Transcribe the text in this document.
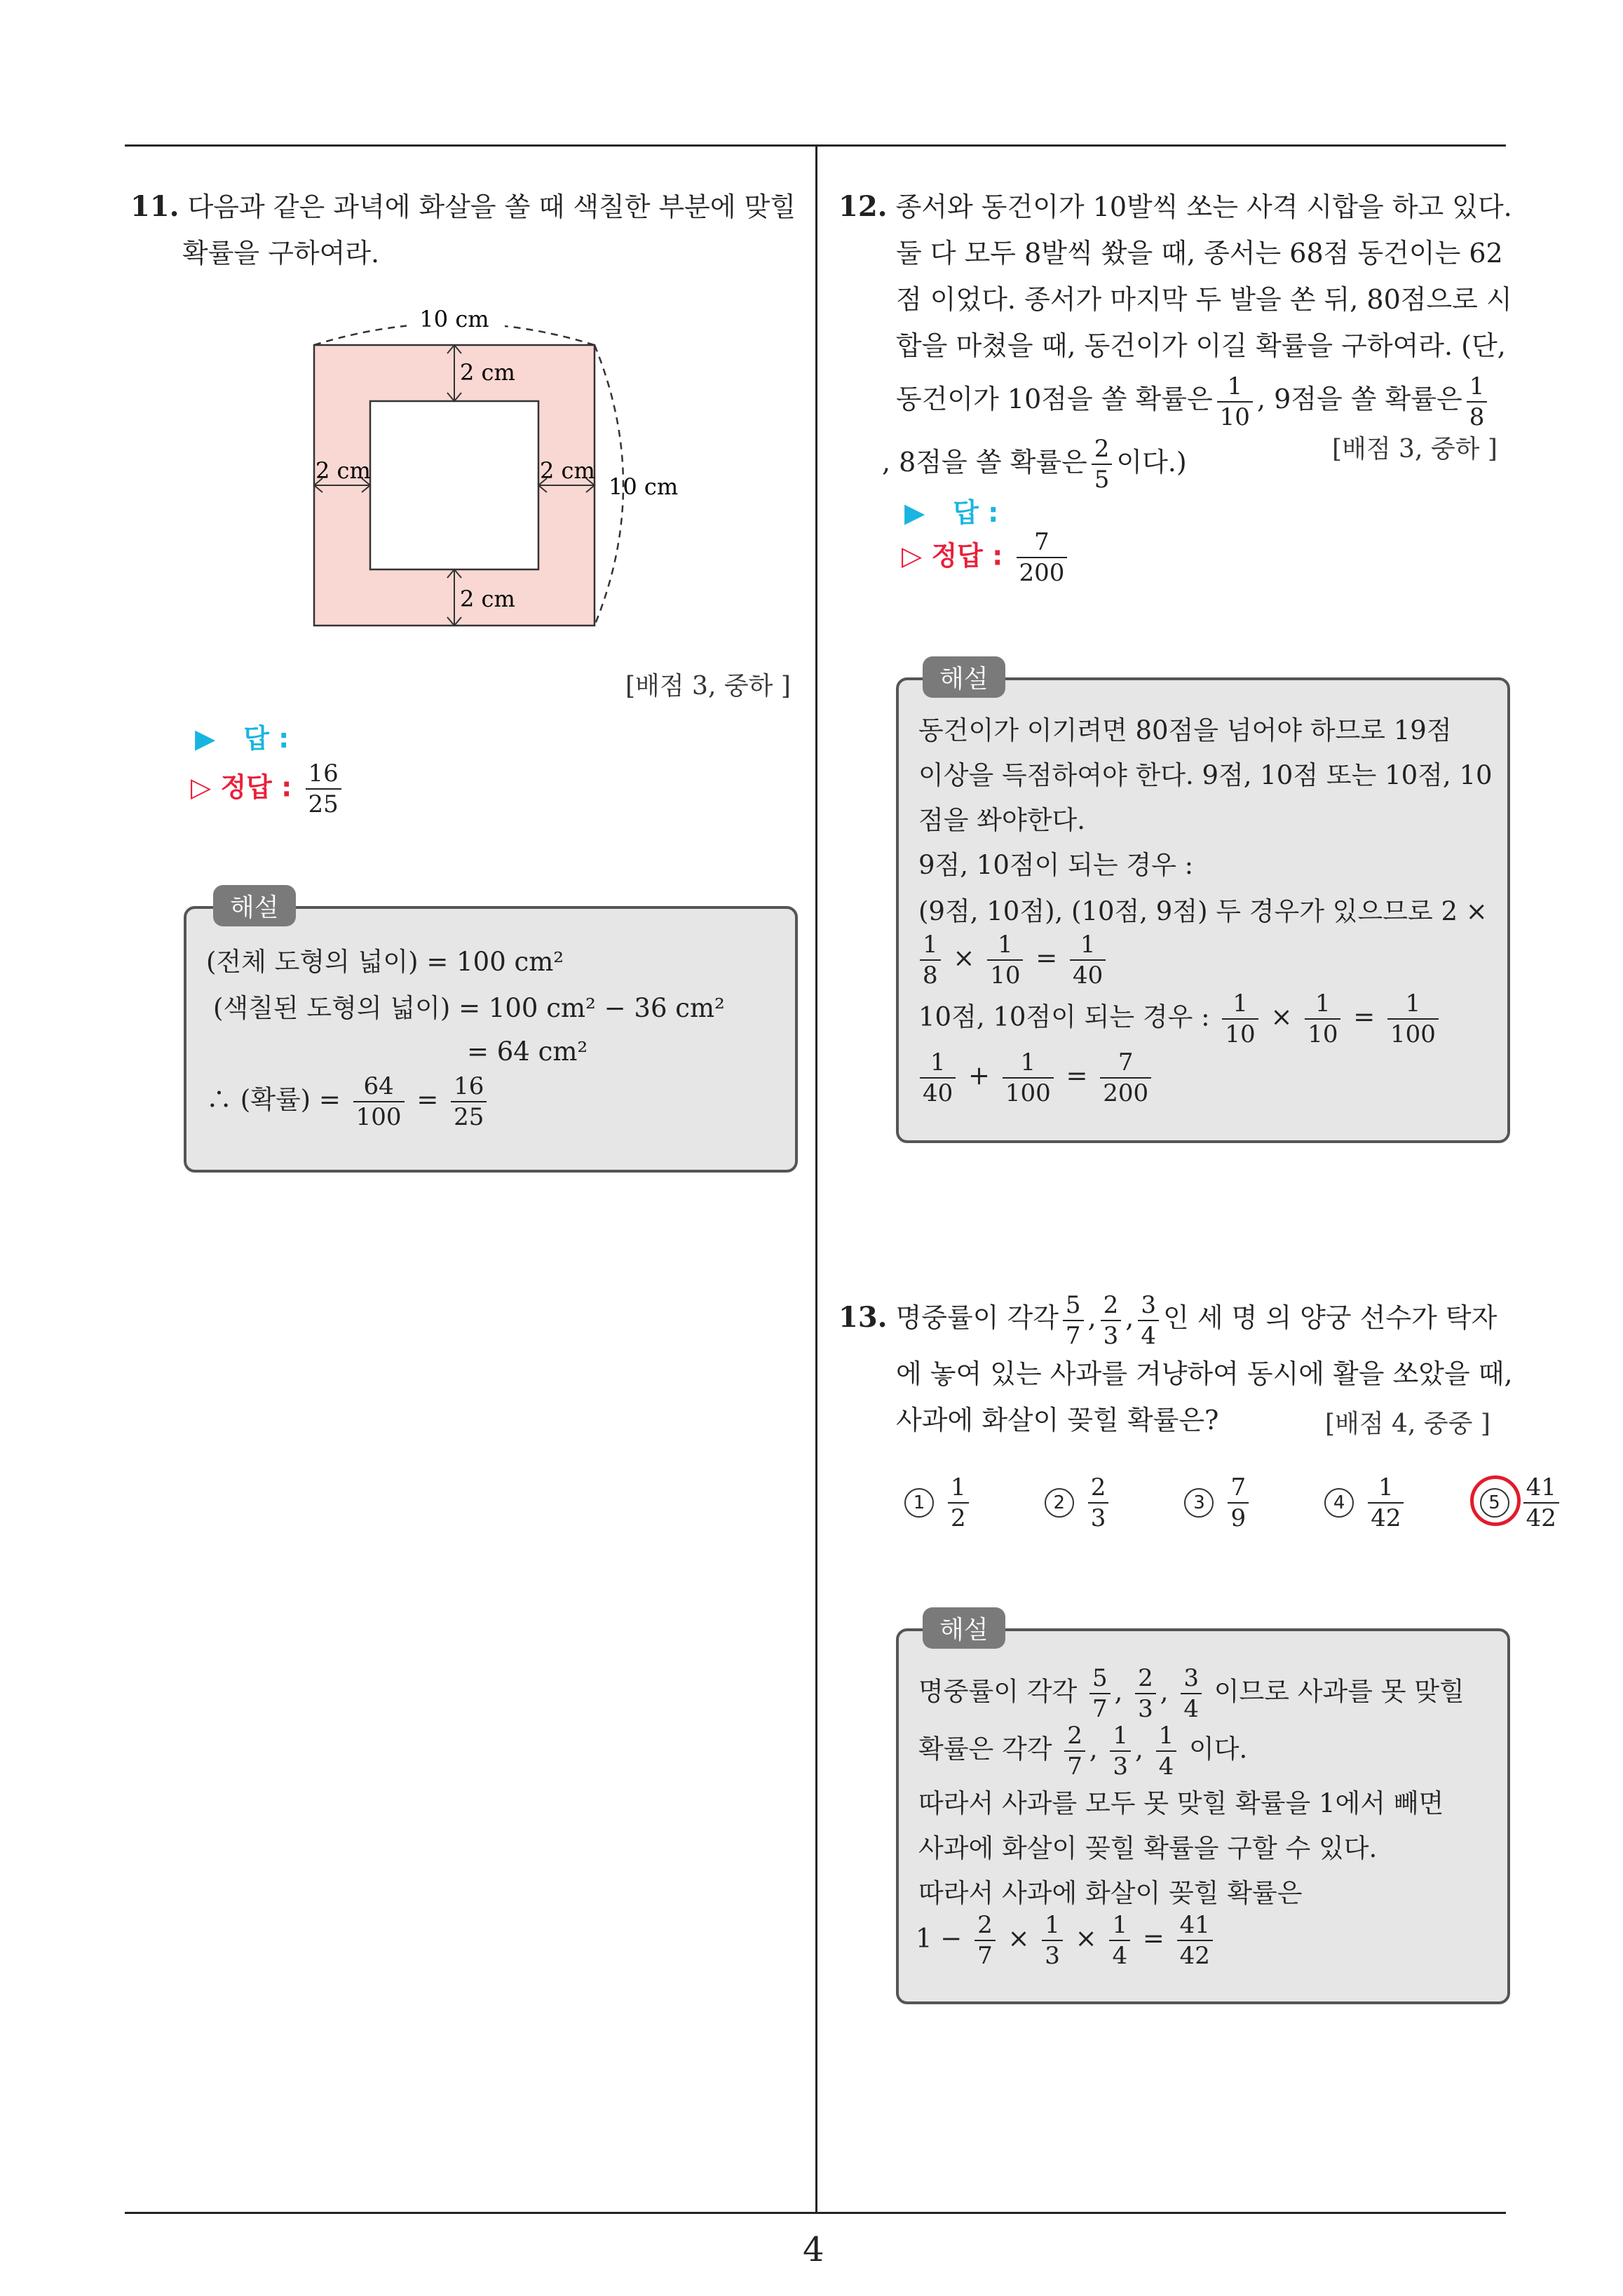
4
11. 다음과 같은 과녁에 화살을 쏠 때 색칠한 부분에 맞힐
확률을 구하여라.
10 cm
10 cm
2 cm
2 cm	2 cm
2 cm
[배점 3, 중하 ]
▶ 답 :
▷ 정답 : $\frac{16}{25}$
해설
(전체 도형의 넓이) = 100 cm²
(색칠된 도형의 넓이) = 100 cm² − 36 cm²
= 64 cm²
∴ (확률) = $\frac{64}{100} = \frac{16}{25}$
12. 종서와 동건이가 10발씩 쏘는 사격 시합을 하고 있다.
둘 다 모두 8발씩 쐈을 때, 종서는 68점 동건이는 62
점 이었다. 종서가 마지막 두 발을 쏜 뒤, 80점으로 시
합을 마쳤을 때, 동건이가 이길 확률을 구하여라. (단,
동건이가 10점을 쏠 확률은 $\frac{1}{10}$ , 9점을 쏠 확률은 $\frac{1}{8}$
, 8점을 쏠 확률은 $\frac{2}{5}$ 이다.)	[배점 3, 중하 ]
▶ 답 :
▷ 정답 : $\frac{7}{200}$
해설
동건이가 이기려면 80점을 넘어야 하므로 19점
이상을 득점하여야 한다. 9점, 10점 또는 10점, 10
점을 쏴야한다.
9점, 10점이 되는 경우 :
(9점, 10점), (10점, 9점) 두 경우가 있으므로 2 ×
$\frac{1}{8} \times \frac{1}{10} = \frac{1}{40}$
10점, 10점이 되는 경우 : $\frac{1}{10} \times \frac{1}{10} = \frac{1}{100}$
$\frac{1}{40} + \frac{1}{100} = \frac{7}{200}$
13. 명중률이 각각 $\frac{5}{7}$ , $\frac{2}{3}$ , $\frac{3}{4}$ 인 세 명 의 양궁 선수가 탁자
에 놓여 있는 사과를 겨냥하여 동시에 활을 쏘았을 때,
사과에 화살이 꽂힐 확률은?	[배점 4, 중중 ]
$1 \frac{1}{2}$	$2 \frac{2}{3}$	$3 \frac{7}{9}$	$4 \frac{1}{42}$	$5 \frac{41}{42}$
해설
명중률이 각각 $\frac{5}{7}$ , $\frac{2}{3}$ , $\frac{3}{4}$ 이므로 사과를 못 맞힐
확률은 각각 $\frac{2}{7}$ , $\frac{1}{3}$ , $\frac{1}{4}$ 이다.
따라서 사과를 모두 못 맞힐 확률을 1에서 빼면
사과에 화살이 꽂힐 확률을 구할 수 있다.
따라서 사과에 화살이 꽂힐 확률은
$1 - \frac{2}{7} \times \frac{1}{3} \times \frac{1}{4} = \frac{41}{42}$
